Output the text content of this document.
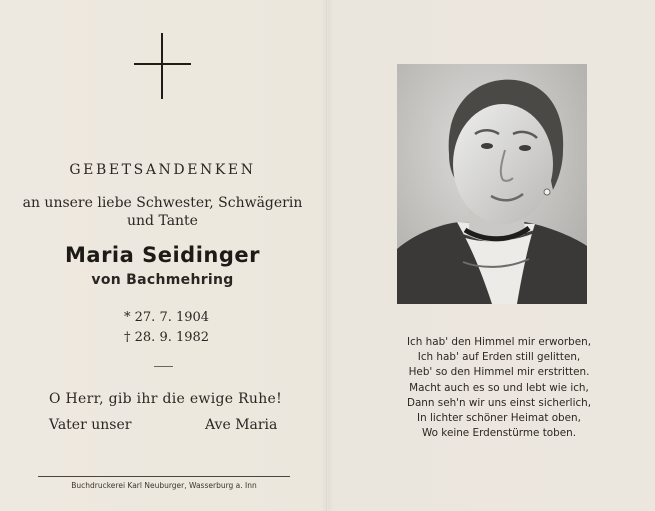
GEBETSANDENKEN
an unsere liebe Schwester, Schwägerin
und Tante
Maria Seidinger
von Bachmehring
* 27. 7. 1904
† 28. 9. 1982
O Herr, gib ihr die ewige Ruhe!
Vater unser	Ave Maria
Buchdruckerei Karl Neuburger, Wasserburg a. Inn
Ich hab' den Himmel mir erworben,
Ich hab' auf Erden still gelitten,
Heb' so den Himmel mir erstritten.
Macht auch es so und lebt wie ich,
Dann seh'n wir uns einst sicherlich,
In lichter schöner Heimat oben,
Wo keine Erdenstürme toben.
